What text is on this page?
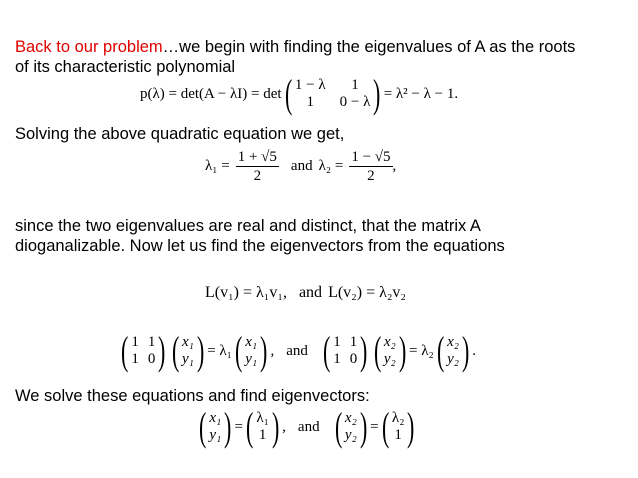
Back to our problem…we begin with finding the eigenvalues of A as the roots
of its characteristic polynomial
p(λ) = det(A − λI) = det ( 1 − λ	1
1	0 − λ ) = λ² − λ − 1.
Solving the above quadratic equation we get,
$\lambda_1 = \frac{1 + √5}{2}$ and $\lambda_2 = \frac{1 - √5}{2}$ ,
since the two eigenvalues are real and distinct, that the matrix A
dioganalizable. Now let us find the eigenvectors from the equations
L(v₁) = λ₁v₁, and L(v₂) = λ₂v₂
( 1 1
1 0 ) ( x₁
y₁ ) = λ₁ ( x₁
y₁ ) , and ( 1 1
1 0 ) ( x₂
y₂ ) = λ₂ ( x₂
y₂ ) .
We solve these equations and find eigenvectors:
( x₁
y₁ ) = ( λ₁
1 ) , and ( x₂
y₂ ) = ( λ₂
1 )
